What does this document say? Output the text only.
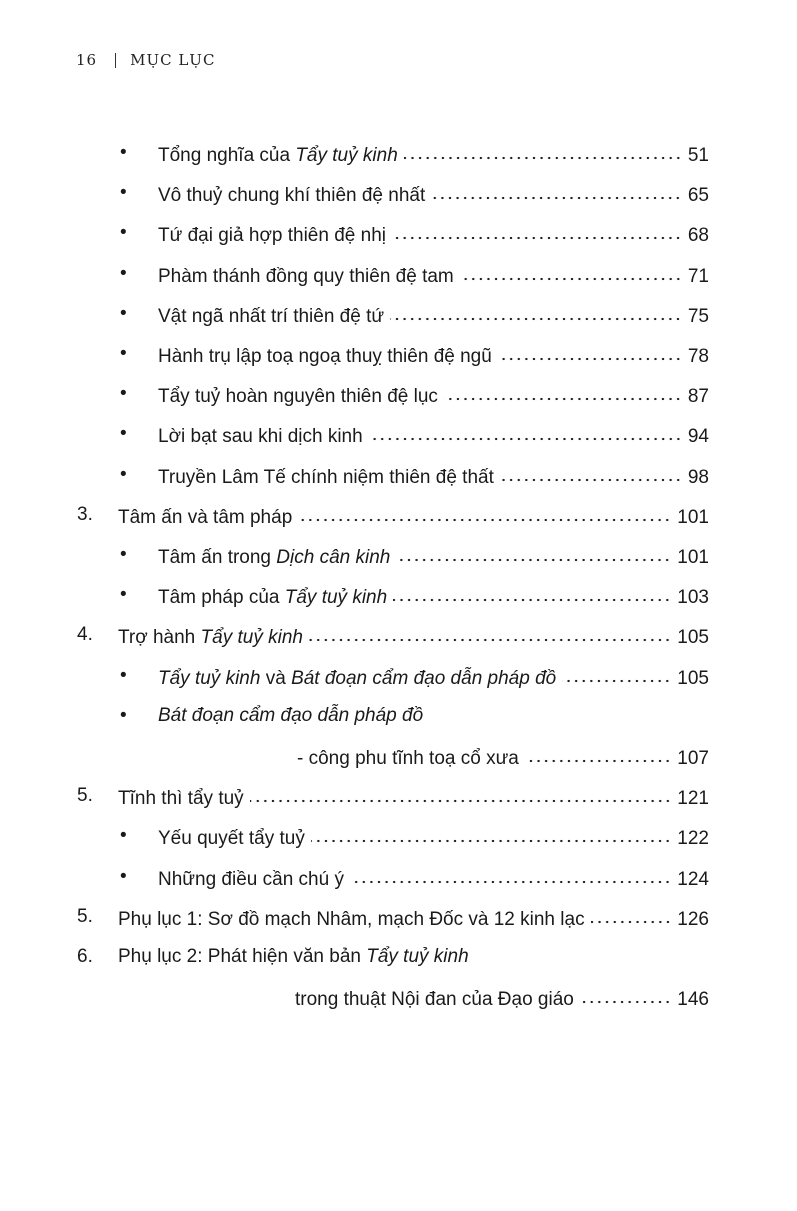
16 MỤC LỤC
• Tổng nghĩa của Tẩy tuỷ kinh	51
• Vô thuỷ chung khí thiên đệ nhất	65
• Tứ đại giả hợp thiên đệ nhị	68
• Phàm thánh đồng quy thiên đệ tam	71
• Vật ngã nhất trí thiên đệ tứ	75
• Hành trụ lập toạ ngoạ thuỵ thiên đệ ngũ	78
• Tẩy tuỷ hoàn nguyên thiên đệ lục	87
• Lời bạt sau khi dịch kinh	94
• Truyền Lâm Tế chính niệm thiên đệ thất	98
3. Tâm ấn và tâm pháp	101
• Tâm ấn trong Dịch cân kinh	101
• Tâm pháp của Tẩy tuỷ kinh	103
4. Trợ hành Tẩy tuỷ kinh	105
• Tẩy tuỷ kinh và Bát đoạn cẩm đạo dẫn pháp đồ	105
• Bát đoạn cẩm đạo dẫn pháp đồ
- công phu tĩnh toạ cổ xưa	107
5. Tĩnh thì tẩy tuỷ	121
• Yếu quyết tẩy tuỷ	122
• Những điều cần chú ý	124
5. Phụ lục 1: Sơ đồ mạch Nhâm, mạch Đốc và 12 kinh lạc	126
6. Phụ lục 2: Phát hiện văn bản Tẩy tuỷ kinh
trong thuật Nội đan của Đạo giáo	146
